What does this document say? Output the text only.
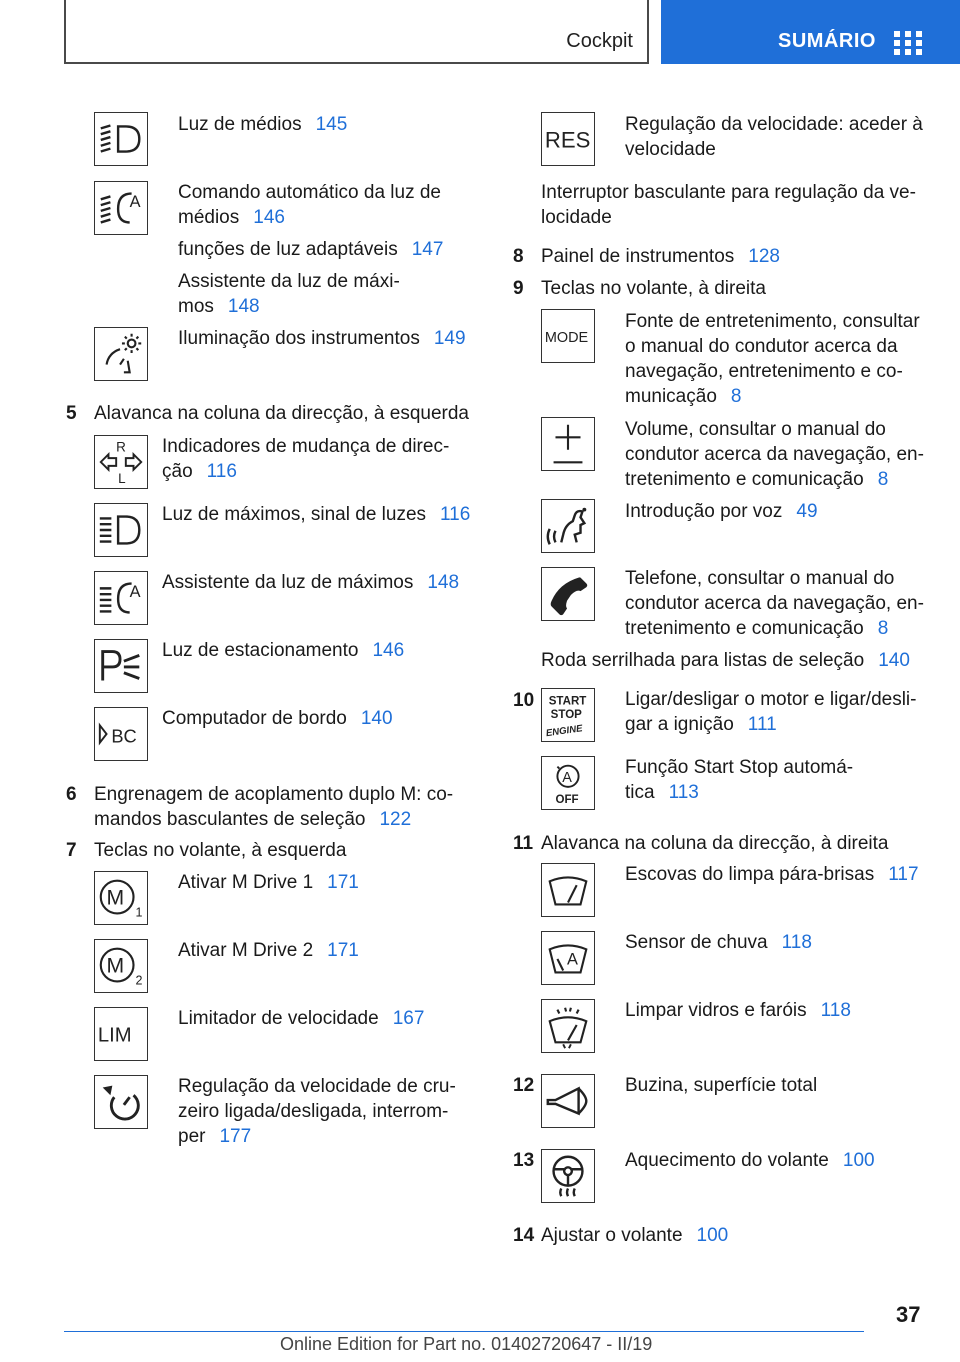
Cockpit	SUMÁRIO
Luz de médios 145
A Comando automático da luz de
médios 146
funções de luz adaptáveis 147
Assistente da luz de máxi-
mos 148
Iluminação dos instrumentos 149
5 Alavanca na coluna da direcção, à esquerda
R
L
Indicadores de mudança de direc-
ção 116
Luz de máximos, sinal de luzes 116
A Assistente da luz de máximos 148
Luz de estacionamento 146
BC
Computador de bordo 140
6 Engrenagem de acoplamento duplo M: co-
mandos basculantes de seleção 122
7 Teclas no volante, à esquerda
M
1
Ativar M Drive 1 171
M
2
Ativar M Drive 2 171
LIM
Limitador de velocidade 167
Regulação da velocidade de cru-
zeiro ligada/desligada, interrom-
per 177
RES
Regulação da velocidade: aceder à
velocidade
Interruptor basculante para regulação da ve-
locidade
8 Painel de instrumentos 128
9 Teclas no volante, à direita
MODE
Fonte de entretenimento, consultar
o manual do condutor acerca da
navegação, entretenimento e co-
municação 8
Volume, consultar o manual do
condutor acerca da navegação, en-
tretenimento e comunicação 8
Introdução por voz 49
Telefone, consultar o manual do
condutor acerca da navegação, en-
tretenimento e comunicação 8
Roda serrilhada para listas de seleção 140
10 START
STOP
ENGINE
Ligar/desligar o motor e ligar/desli-
gar a ignição 111
A
OFF
Função Start Stop automá-
tica 113
11 Alavanca na coluna da direcção, à direita
Escovas do limpa pára-brisas 117
A
Sensor de chuva 118
Limpar vidros e faróis 118
12	Buzina, superfície total
13	Aquecimento do volante 100
14 Ajustar o volante 100
37
Online Edition for Part no. 01402720647 - II/19
